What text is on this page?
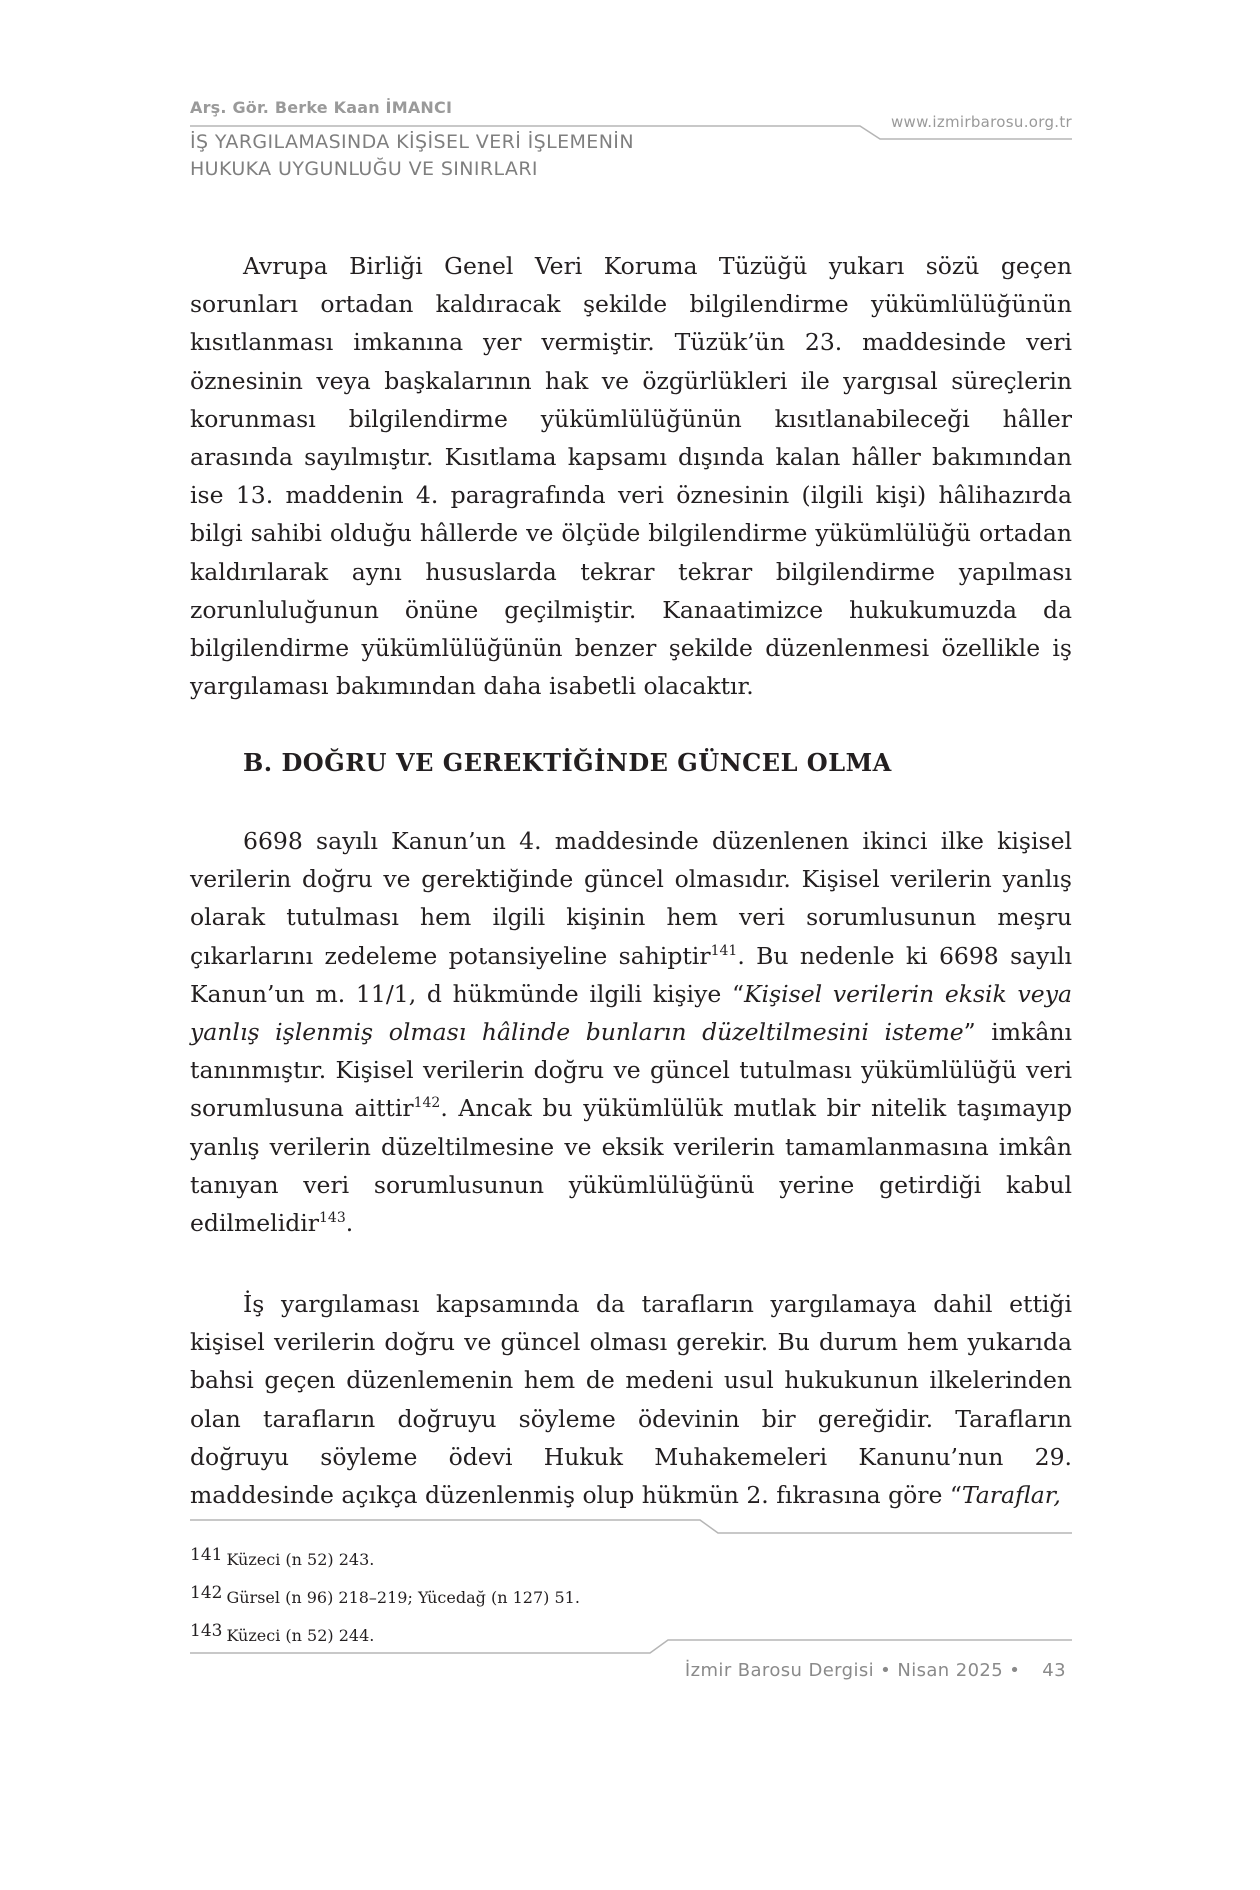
Arş. Gör. Berke Kaan İMANCI
İŞ YARGILAMASINDA KİŞİSEL VERİ İŞLEMENİN
HUKUKA UYGUNLUĞU VE SINIRLARI
www.izmirbarosu.org.tr

Avrupa Birliği Genel Veri Koruma Tüzüğü yukarı sözü geçen sorunları ortadan kaldıracak şekilde bilgilendirme yükümlülüğünün kısıtlanması imkanına yer vermiştir. Tüzük’ün 23. maddesinde veri öznesinin veya başkalarının hak ve özgürlükleri ile yargısal süreçlerin korunması bilgilendirme yükümlülüğünün kısıtlanabileceği hâller arasında sayılmıştır. Kısıtlama kapsamı dışında kalan hâller bakımından ise 13. maddenin 4. paragrafında veri öznesinin (ilgili kişi) hâlihazırda bilgi sahibi olduğu hâllerde ve ölçüde bilgilendirme yükümlülüğü ortadan kaldırılarak aynı hususlarda tekrar tekrar bilgilendirme yapılması zorunluluğunun önüne geçilmiştir. Kanaatimizce hukukumuzda da bilgilendirme yükümlülüğünün benzer şekilde düzenlenmesi özellikle iş yargılaması bakımından daha isabetli olacaktır.

B. DOĞRU VE GEREKTİĞİNDE GÜNCEL OLMA

6698 sayılı Kanun’un 4. maddesinde düzenlenen ikinci ilke kişisel verilerin doğru ve gerektiğinde güncel olmasıdır. Kişisel verilerin yanlış olarak tutulması hem ilgili kişinin hem veri sorumlusunun meşru çıkarlarını zedeleme potansiyeline sahiptir$^{141}$. Bu nedenle ki 6698 sayılı Kanun’un m. 11/1, d hükmünde ilgili kişiye “Kişisel verilerin eksik veya yanlış işlenmiş olması hâlinde bunların düzeltilmesini isteme” imkânı tanınmıştır. Kişisel verilerin doğru ve güncel tutulması yükümlülüğü veri sorumlusuna aittir$^{142}$. Ancak bu yükümlülük mutlak bir nitelik taşımayıp yanlış verilerin düzeltilmesine ve eksik verilerin tamamlanmasına imkân tanıyan veri sorumlusunun yükümlülüğünü yerine getirdiği kabul edilmelidir$^{143}$.

İş yargılaması kapsamında da tarafların yargılamaya dahil ettiği kişisel verilerin doğru ve güncel olması gerekir. Bu durum hem yukarıda bahsi geçen düzenlemenin hem de medeni usul hukukunun ilkelerinden olan tarafların doğruyu söyleme ödevinin bir gereğidir. Tarafların doğruyu söyleme ödevi Hukuk Muhakemeleri Kanunu’nun 29. maddesinde açıkça düzenlenmiş olup hükmün 2. fıkrasına göre “Taraflar,

141 Küzeci (n 52) 243.
142 Gürsel (n 96) 218–219; Yücedağ (n 127) 51.
143 Küzeci (n 52) 244.
İzmir Barosu Dergisi • Nisan 2025 • 43
